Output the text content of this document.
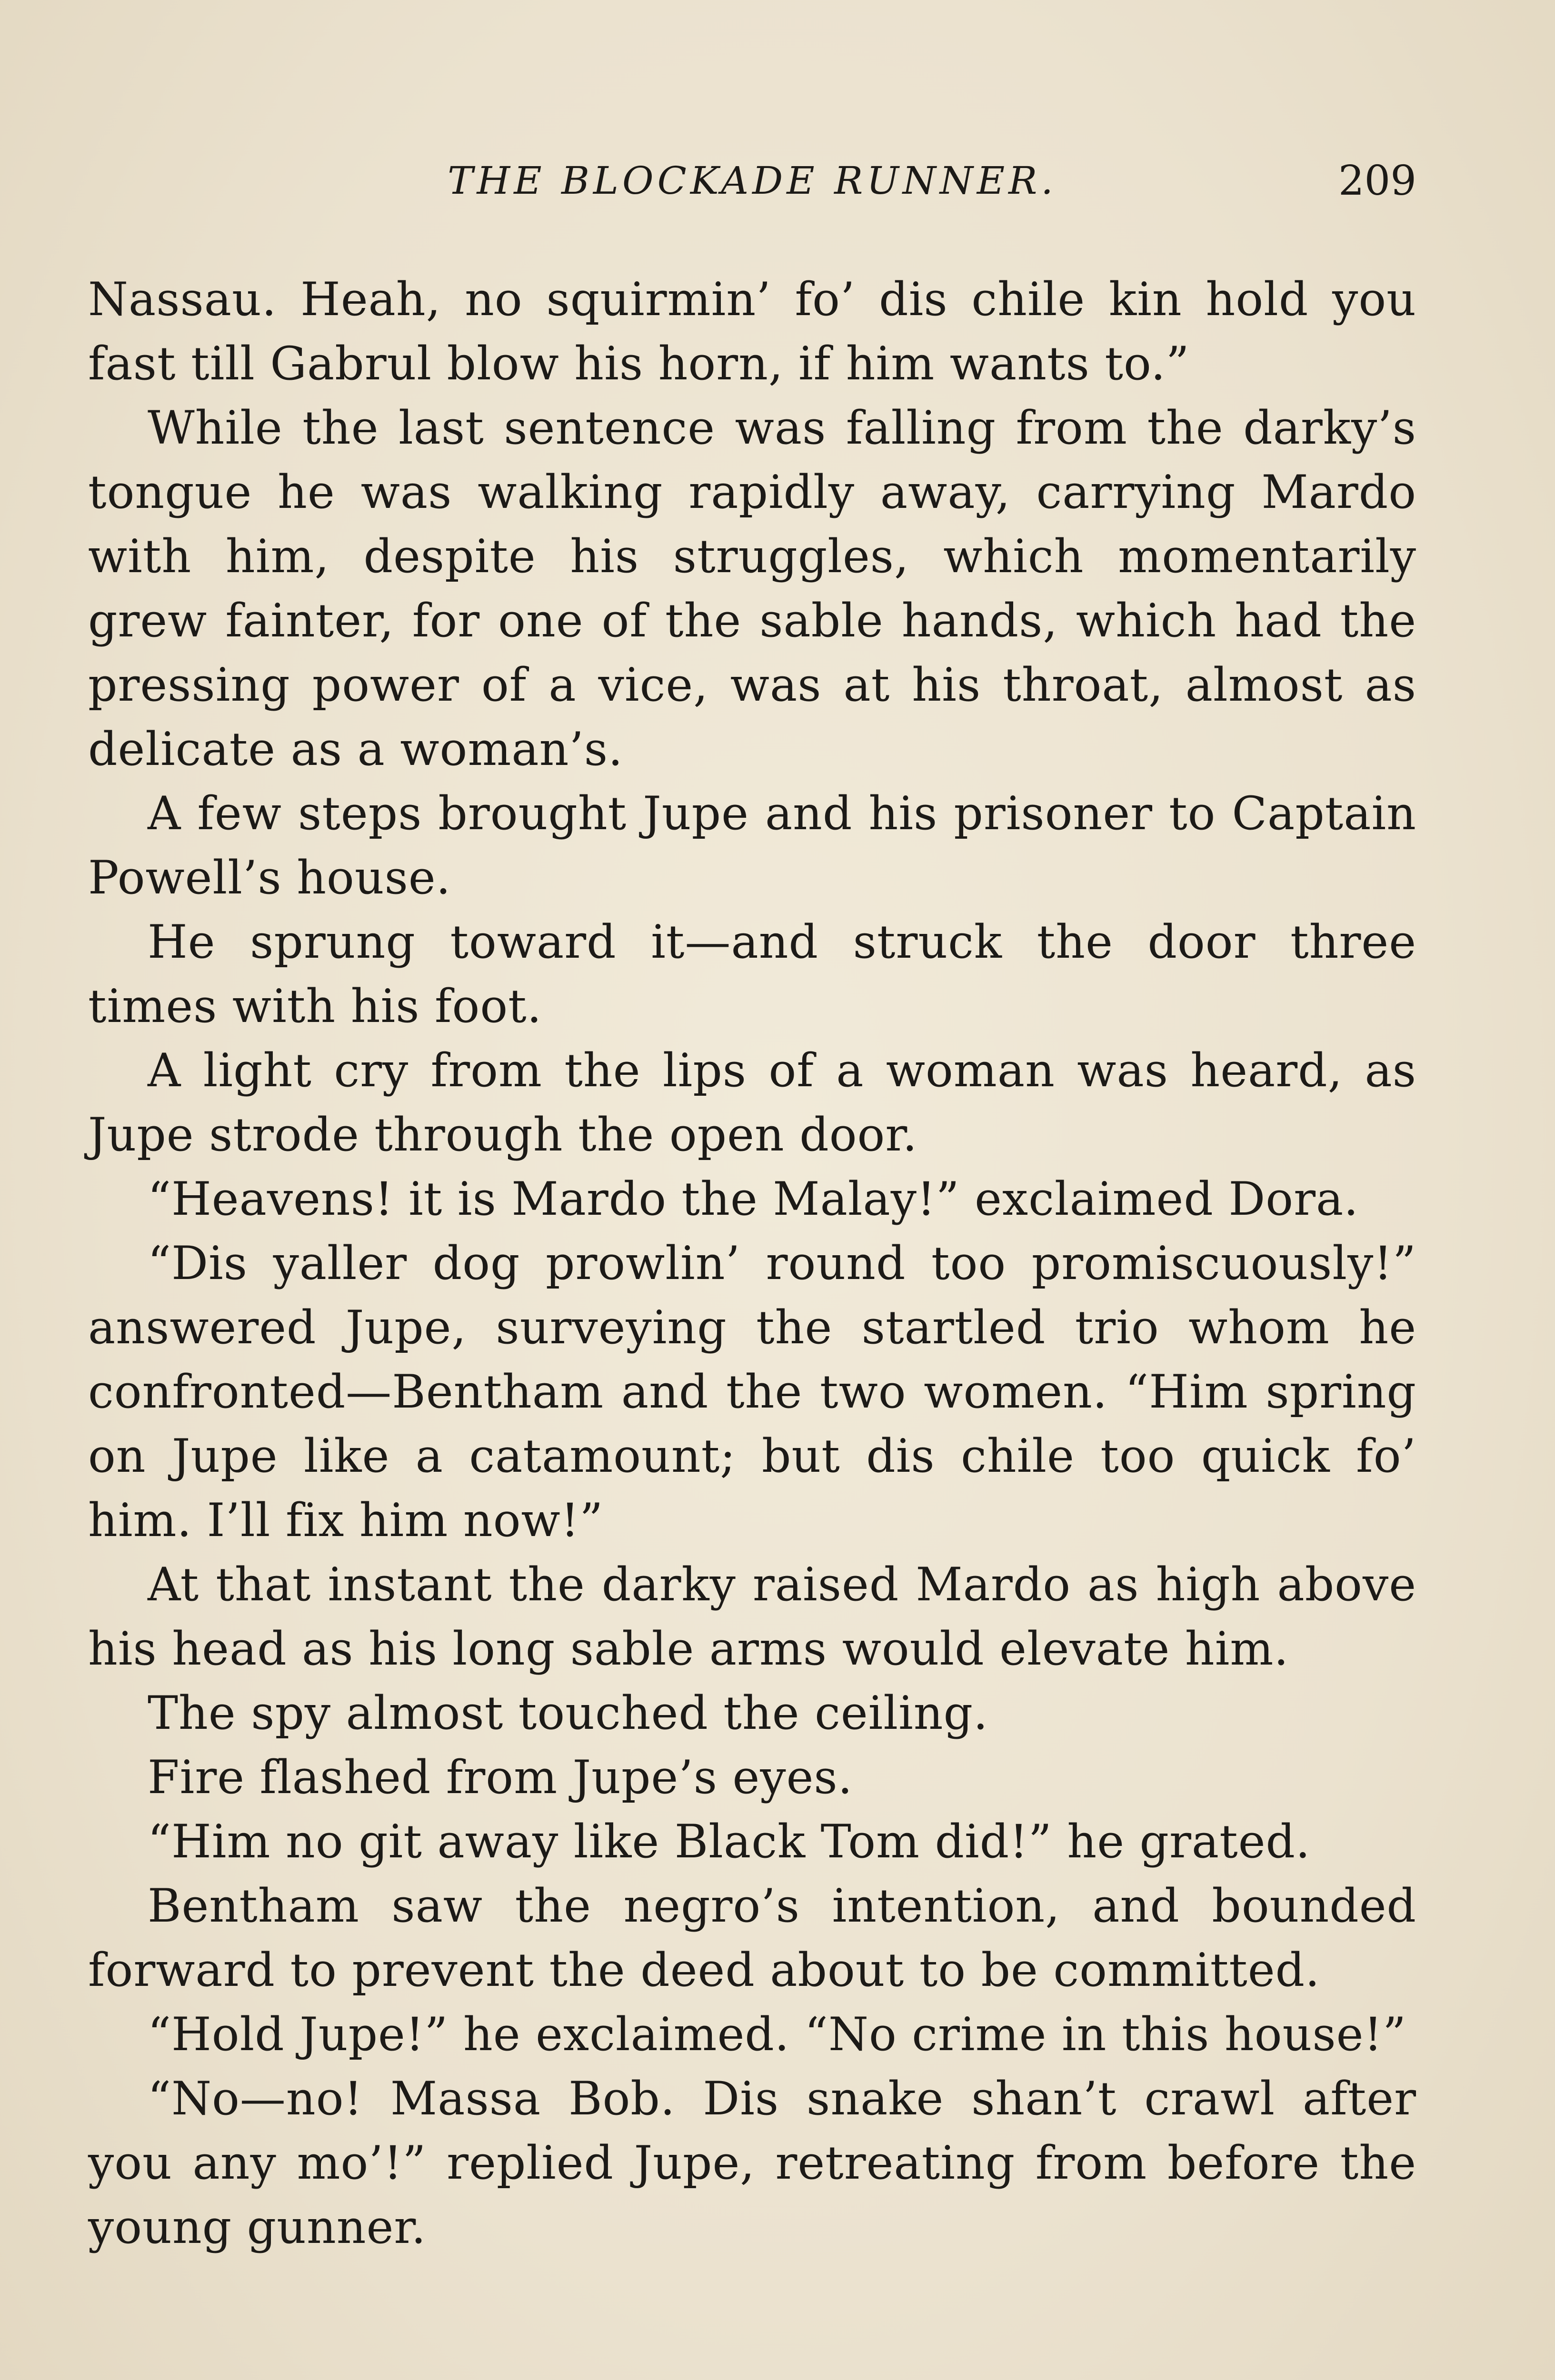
THE BLOCKADE RUNNER.	209

Nassau. Heah, no squirmin’ fo’ dis chile kin hold you fast till Gabrul blow his horn, if him wants to.”

While the last sentence was falling from the darky’s tongue he was walking rapidly away, carrying Mardo with him, despite his struggles, which momentarily grew fainter, for one of the sable hands, which had the pressing power of a vice, was at his throat, almost as delicate as a woman’s.

A few steps brought Jupe and his prisoner to Captain Powell’s house.

He sprung toward it—and struck the door three times with his foot.

A light cry from the lips of a woman was heard, as Jupe strode through the open door.

“Heavens! it is Mardo the Malay!” exclaimed Dora.

“Dis yaller dog prowlin’ round too promiscuously!” answered Jupe, surveying the startled trio whom he confronted—Bentham and the two women. “Him spring on Jupe like a catamount; but dis chile too quick fo’ him. I’ll fix him now!”

At that instant the darky raised Mardo as high above his head as his long sable arms would elevate him.

The spy almost touched the ceiling.

Fire flashed from Jupe’s eyes.

“Him no git away like Black Tom did!” he grated.

Bentham saw the negro’s intention, and bounded forward to prevent the deed about to be committed.

“Hold Jupe!” he exclaimed. “No crime in this house!”

“No—no! Massa Bob. Dis snake shan’t crawl after you any mo’!” replied Jupe, retreating from before the young gunner.
